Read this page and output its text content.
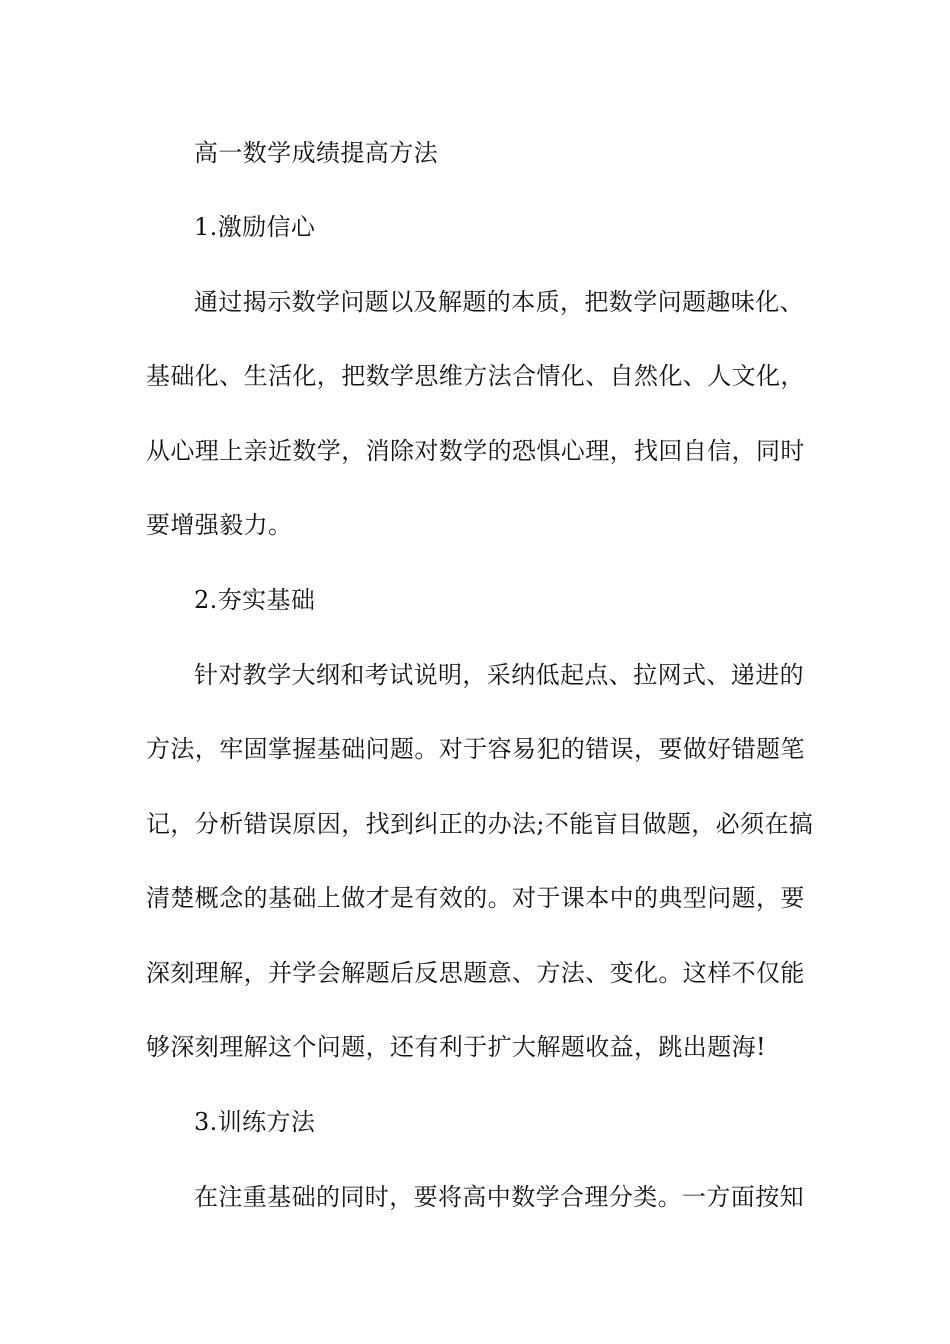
高一数学成绩提高方法
1.激励信心
通过揭示数学问题以及解题的本质，把数学问题趣味化、
基础化、生活化，把数学思维方法合情化、自然化、人文化，
从心理上亲近数学，消除对数学的恐惧心理，找回自信，同时
要增强毅力。
2.夯实基础
针对教学大纲和考试说明，采纳低起点、拉网式、递进的
方法，牢固掌握基础问题。对于容易犯的错误，要做好错题笔
记，分析错误原因，找到纠正的办法;不能盲目做题，必须在搞
清楚概念的基础上做才是有效的。对于课本中的典型问题，要
深刻理解，并学会解题后反思题意、方法、变化。这样不仅能
够深刻理解这个问题，还有利于扩大解题收益，跳出题海!
3.训练方法
在注重基础的同时，要将高中数学合理分类。一方面按知
